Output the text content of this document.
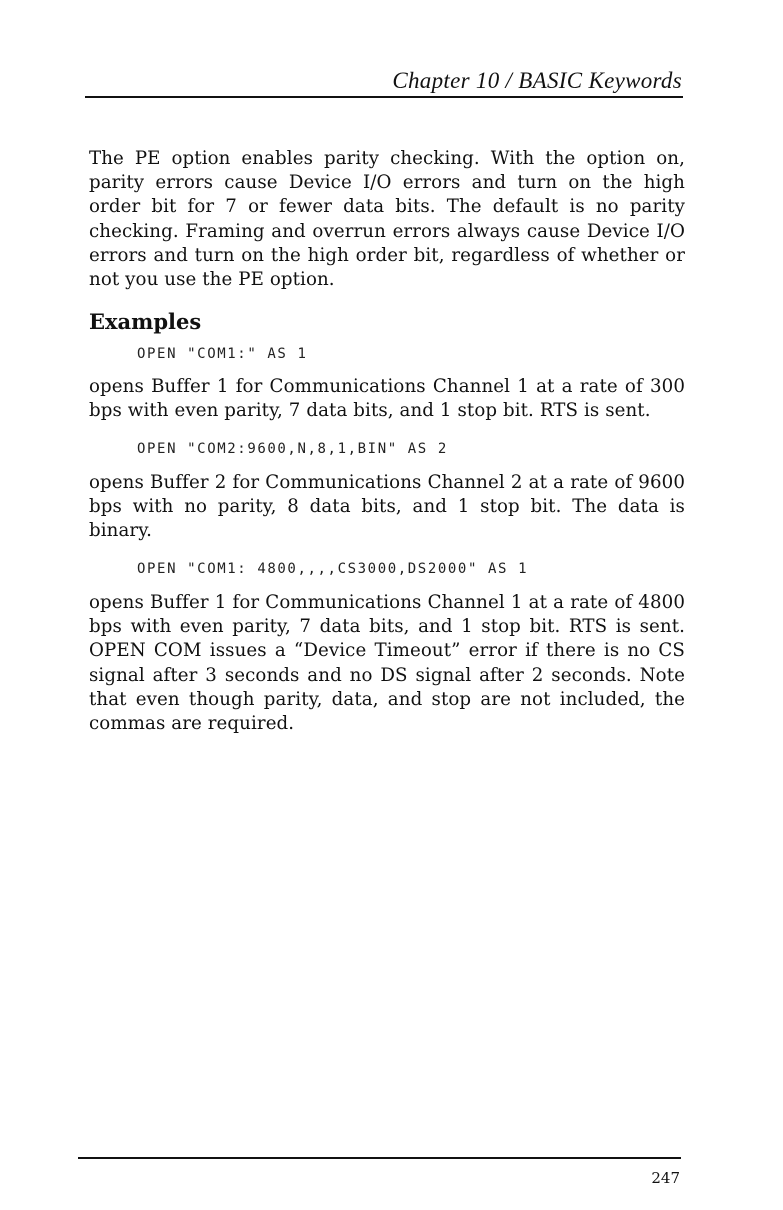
Chapter 10 / BASIC Keywords

The PE option enables parity checking. With the option on, parity errors cause Device I/O errors and turn on the high order bit for 7 or fewer data bits. The default is no parity checking. Framing and overrun errors always cause Device I/O errors and turn on the high order bit, regardless of whether or not you use the PE option.

Examples
OPEN "COM1:" AS 1

opens Buffer 1 for Communications Channel 1 at a rate of 300 bps with even parity, 7 data bits, and 1 stop bit. RTS is sent.

OPEN "COM2:9600,N,8,1,BIN" AS 2

opens Buffer 2 for Communications Channel 2 at a rate of 9600 bps with no parity, 8 data bits, and 1 stop bit. The data is binary.

OPEN "COM1: 4800,,,,CS3000,DS2000" AS 1

opens Buffer 1 for Communications Channel 1 at a rate of 4800 bps with even parity, 7 data bits, and 1 stop bit. RTS is sent. OPEN COM issues a “Device Timeout” error if there is no CS signal after 3 seconds and no DS signal after 2 seconds. Note that even though parity, data, and stop are not included, the commas are required.

247
